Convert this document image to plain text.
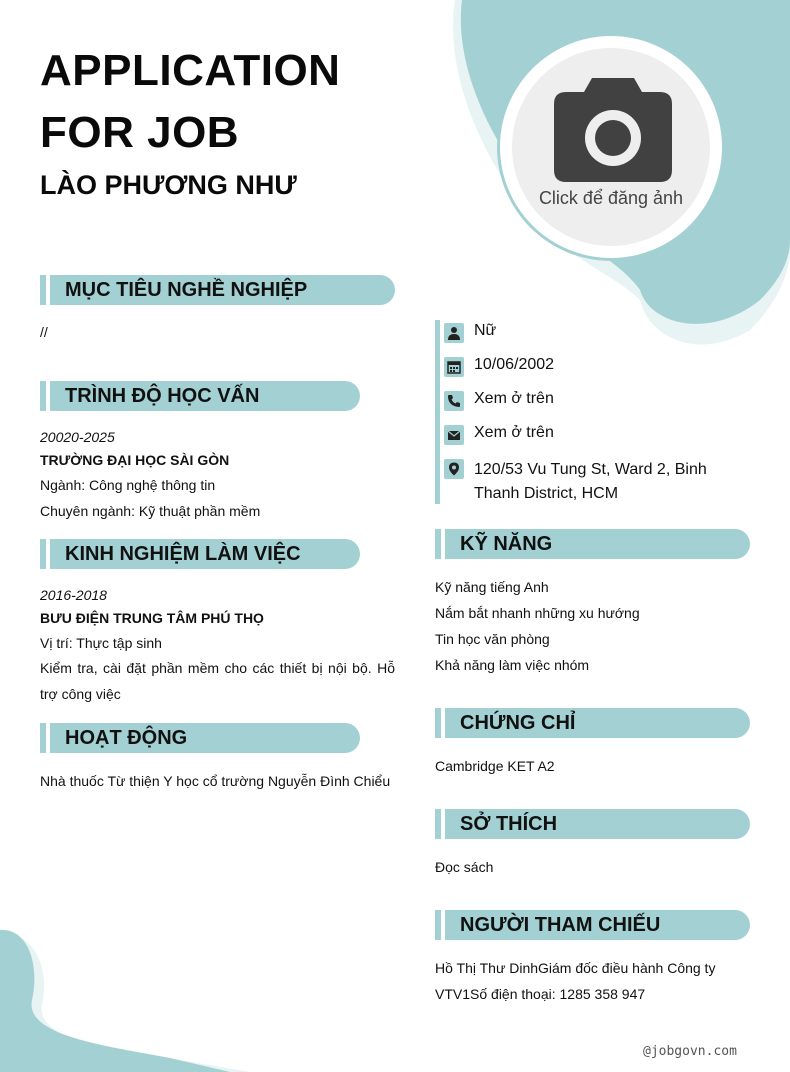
APPLICATION
FOR JOB
LÀO PHƯƠNG NHƯ	Click để đăng ảnh
MỤC TIÊU NGHỀ NGHIỆP
//
TRÌNH ĐỘ HỌC VẤN
20020-2025
TRƯỜNG ĐẠI HỌC SÀI GÒN
Ngành: Công nghệ thông tin
Chuyên ngành: Kỹ thuật phần mềm
KINH NGHIỆM LÀM VIỆC
2016-2018
BƯU ĐIỆN TRUNG TÂM PHÚ THỌ
Vị trí: Thực tập sinh
Kiểm tra, cài đặt phần mềm cho các thiết bị nội bộ. Hỗ trợ công việc
HOẠT ĐỘNG
Nhà thuốc Từ thiện Y học cổ trường Nguyễn Đình Chiểu
Nữ
10/06/2002
Xem ở trên
Xem ở trên
120/53 Vu Tung St, Ward 2, Binh Thanh District, HCM
KỸ NĂNG
Kỹ năng tiếng Anh
Nắm bắt nhanh những xu hướng
Tin học văn phòng
Khả năng làm việc nhóm
CHỨNG CHỈ
Cambridge KET A2
SỞ THÍCH
Đọc sách
NGƯỜI THAM CHIẾU
Hồ Thị Thư DinhGiám đốc điều hành Công ty
VTV1Số điện thoại: 1285 358 947
@jobgovn.com
